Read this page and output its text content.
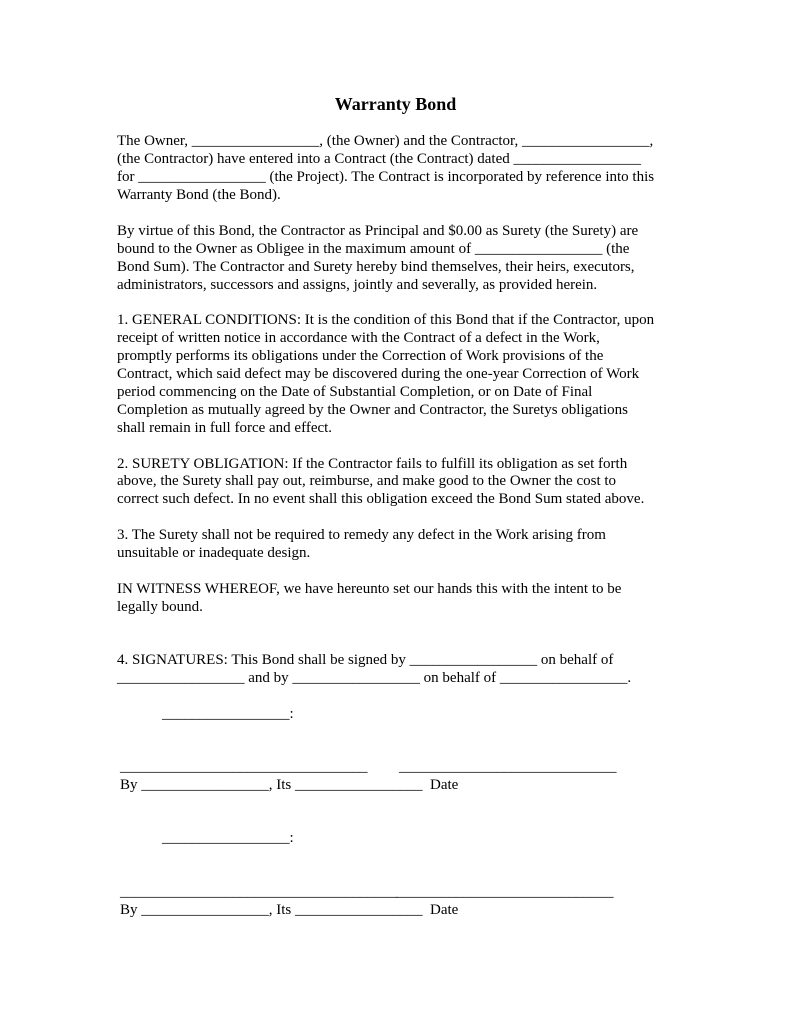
Warranty Bond
The Owner, _________________, (the Owner) and the Contractor, _________________,
(the Contractor) have entered into a Contract (the Contract) dated _________________
for _________________ (the Project). The Contract is incorporated by reference into this
Warranty Bond (the Bond).
By virtue of this Bond, the Contractor as Principal and $0.00 as Surety (the Surety) are
bound to the Owner as Obligee in the maximum amount of _________________ (the
Bond Sum). The Contractor and Surety hereby bind themselves, their heirs, executors,
administrators, successors and assigns, jointly and severally, as provided herein.
1. GENERAL CONDITIONS: It is the condition of this Bond that if the Contractor, upon
receipt of written notice in accordance with the Contract of a defect in the Work,
promptly performs its obligations under the Correction of Work provisions of the
Contract, which said defect may be discovered during the one-year Correction of Work
period commencing on the Date of Substantial Completion, or on Date of Final
Completion as mutually agreed by the Owner and Contractor, the Suretys obligations
shall remain in full force and effect.
2. SURETY OBLIGATION: If the Contractor fails to fulfill its obligation as set forth
above, the Surety shall pay out, reimburse, and make good to the Owner the cost to
correct such defect. In no event shall this obligation exceed the Bond Sum stated above.
3. The Surety shall not be required to remedy any defect in the Work arising from
unsuitable or inadequate design.
IN WITNESS WHEREOF, we have hereunto set our hands this with the intent to be
legally bound.
4. SIGNATURES: This Bond shall be signed by _________________ on behalf of
_________________ and by _________________ on behalf of _________________.
_________________:
_________________________________ _____________________________
By _________________, Its _________________  Date
_________________:
_____________________________________
_____________________________
By _________________, Its _________________  Date
